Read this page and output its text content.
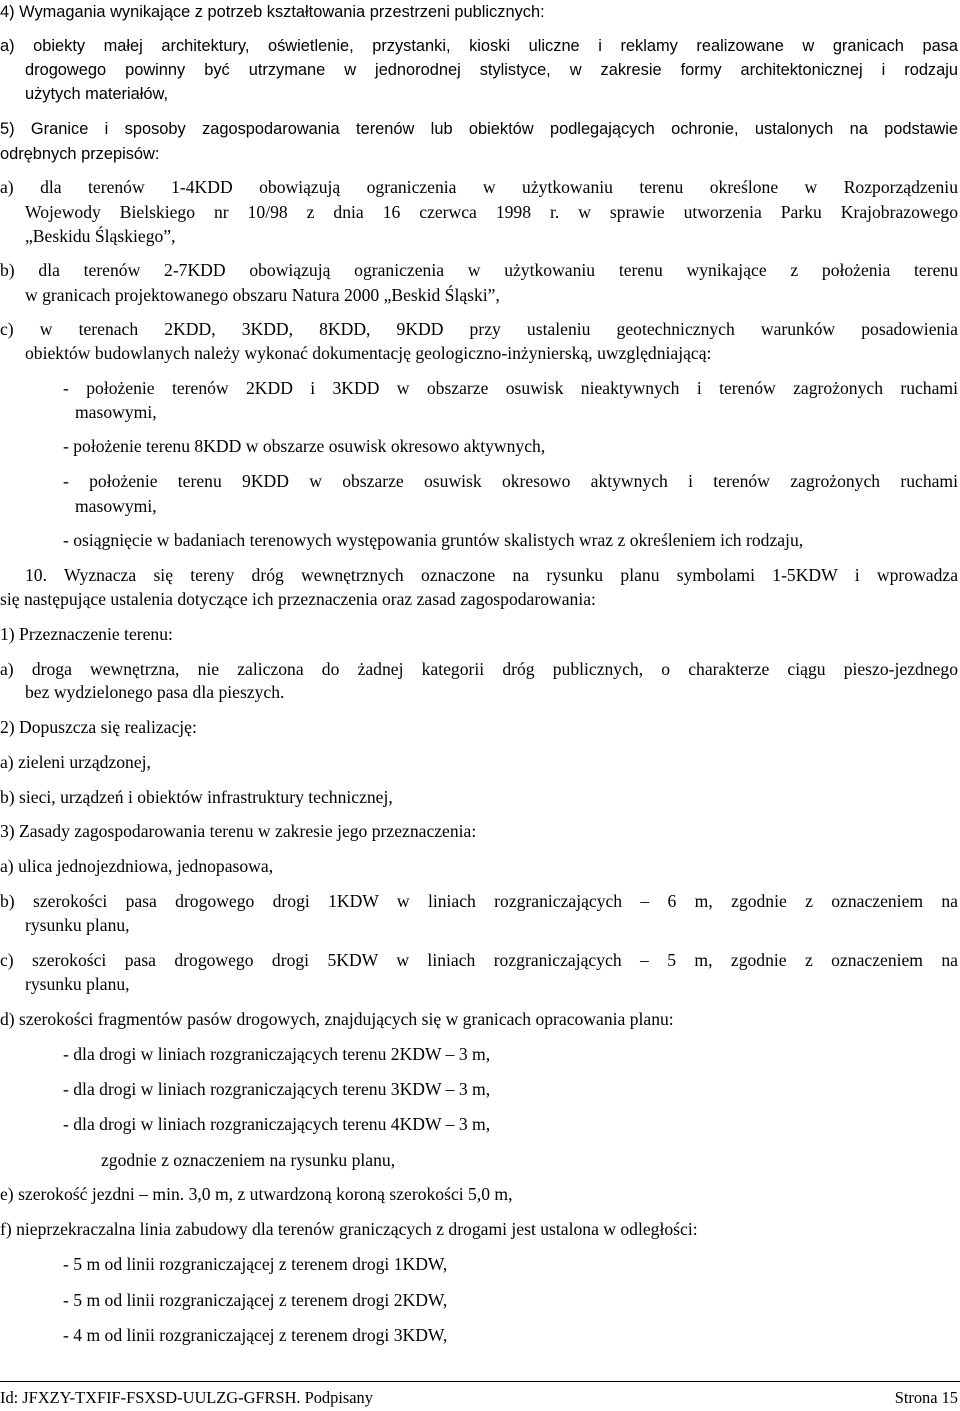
4) Wymagania wynikające z potrzeb kształtowania przestrzeni publicznych:
a) obiekty małej architektury, oświetlenie, przystanki, kioski uliczne i reklamy realizowane w granicach pasa
drogowego powinny być utrzymane w jednorodnej stylistyce, w zakresie formy architektonicznej i rodzaju
użytych materiałów,
5) Granice i sposoby zagospodarowania terenów lub obiektów podlegających ochronie, ustalonych na podstawie
odrębnych przepisów:
a) dla terenów 1-4KDD obowiązują ograniczenia w użytkowaniu terenu określone w Rozporządzeniu
Wojewody Bielskiego nr 10/98 z dnia 16 czerwca 1998 r. w sprawie utworzenia Parku Krajobrazowego
„Beskidu Śląskiego”,
b) dla terenów 2-7KDD obowiązują ograniczenia w użytkowaniu terenu wynikające z położenia terenu
w granicach projektowanego obszaru Natura 2000 „Beskid Śląski”,
c) w terenach 2KDD, 3KDD, 8KDD, 9KDD przy ustaleniu geotechnicznych warunków posadowienia
obiektów budowlanych należy wykonać dokumentację geologiczno-inżynierską, uwzględniającą:
- położenie terenów 2KDD i 3KDD w obszarze osuwisk nieaktywnych i terenów zagrożonych ruchami
masowymi,
- położenie terenu 8KDD w obszarze osuwisk okresowo aktywnych,
- położenie terenu 9KDD w obszarze osuwisk okresowo aktywnych i terenów zagrożonych ruchami
masowymi,
- osiągnięcie w badaniach terenowych występowania gruntów skalistych wraz z określeniem ich rodzaju,
10. Wyznacza się tereny dróg wewnętrznych oznaczone na rysunku planu symbolami 1-5KDW i wprowadza
się następujące ustalenia dotyczące ich przeznaczenia oraz zasad zagospodarowania:
1) Przeznaczenie terenu:
a) droga wewnętrzna, nie zaliczona do żadnej kategorii dróg publicznych, o charakterze ciągu pieszo-jezdnego
bez wydzielonego pasa dla pieszych.
2) Dopuszcza się realizację:
a) zieleni urządzonej,
b) sieci, urządzeń i obiektów infrastruktury technicznej,
3) Zasady zagospodarowania terenu w zakresie jego przeznaczenia:
a) ulica jednojezdniowa, jednopasowa,
b) szerokości pasa drogowego drogi 1KDW w liniach rozgraniczających – 6 m, zgodnie z oznaczeniem na
rysunku planu,
c) szerokości pasa drogowego drogi 5KDW w liniach rozgraniczających – 5 m, zgodnie z oznaczeniem na
rysunku planu,
d) szerokości fragmentów pasów drogowych, znajdujących się w granicach opracowania planu:
- dla drogi w liniach rozgraniczających terenu 2KDW – 3 m,
- dla drogi w liniach rozgraniczających terenu 3KDW – 3 m,
- dla drogi w liniach rozgraniczających terenu 4KDW – 3 m,
zgodnie z oznaczeniem na rysunku planu,
e) szerokość jezdni – min. 3,0 m, z utwardzoną koroną szerokości 5,0 m,
f) nieprzekraczalna linia zabudowy dla terenów graniczących z drogami jest ustalona w odległości:
- 5 m od linii rozgraniczającej z terenem drogi 1KDW,
- 5 m od linii rozgraniczającej z terenem drogi 2KDW,
- 4 m od linii rozgraniczającej z terenem drogi 3KDW,
Id: JFXZY-TXFIF-FSXSD-UULZG-GFRSH. Podpisany	Strona 15
